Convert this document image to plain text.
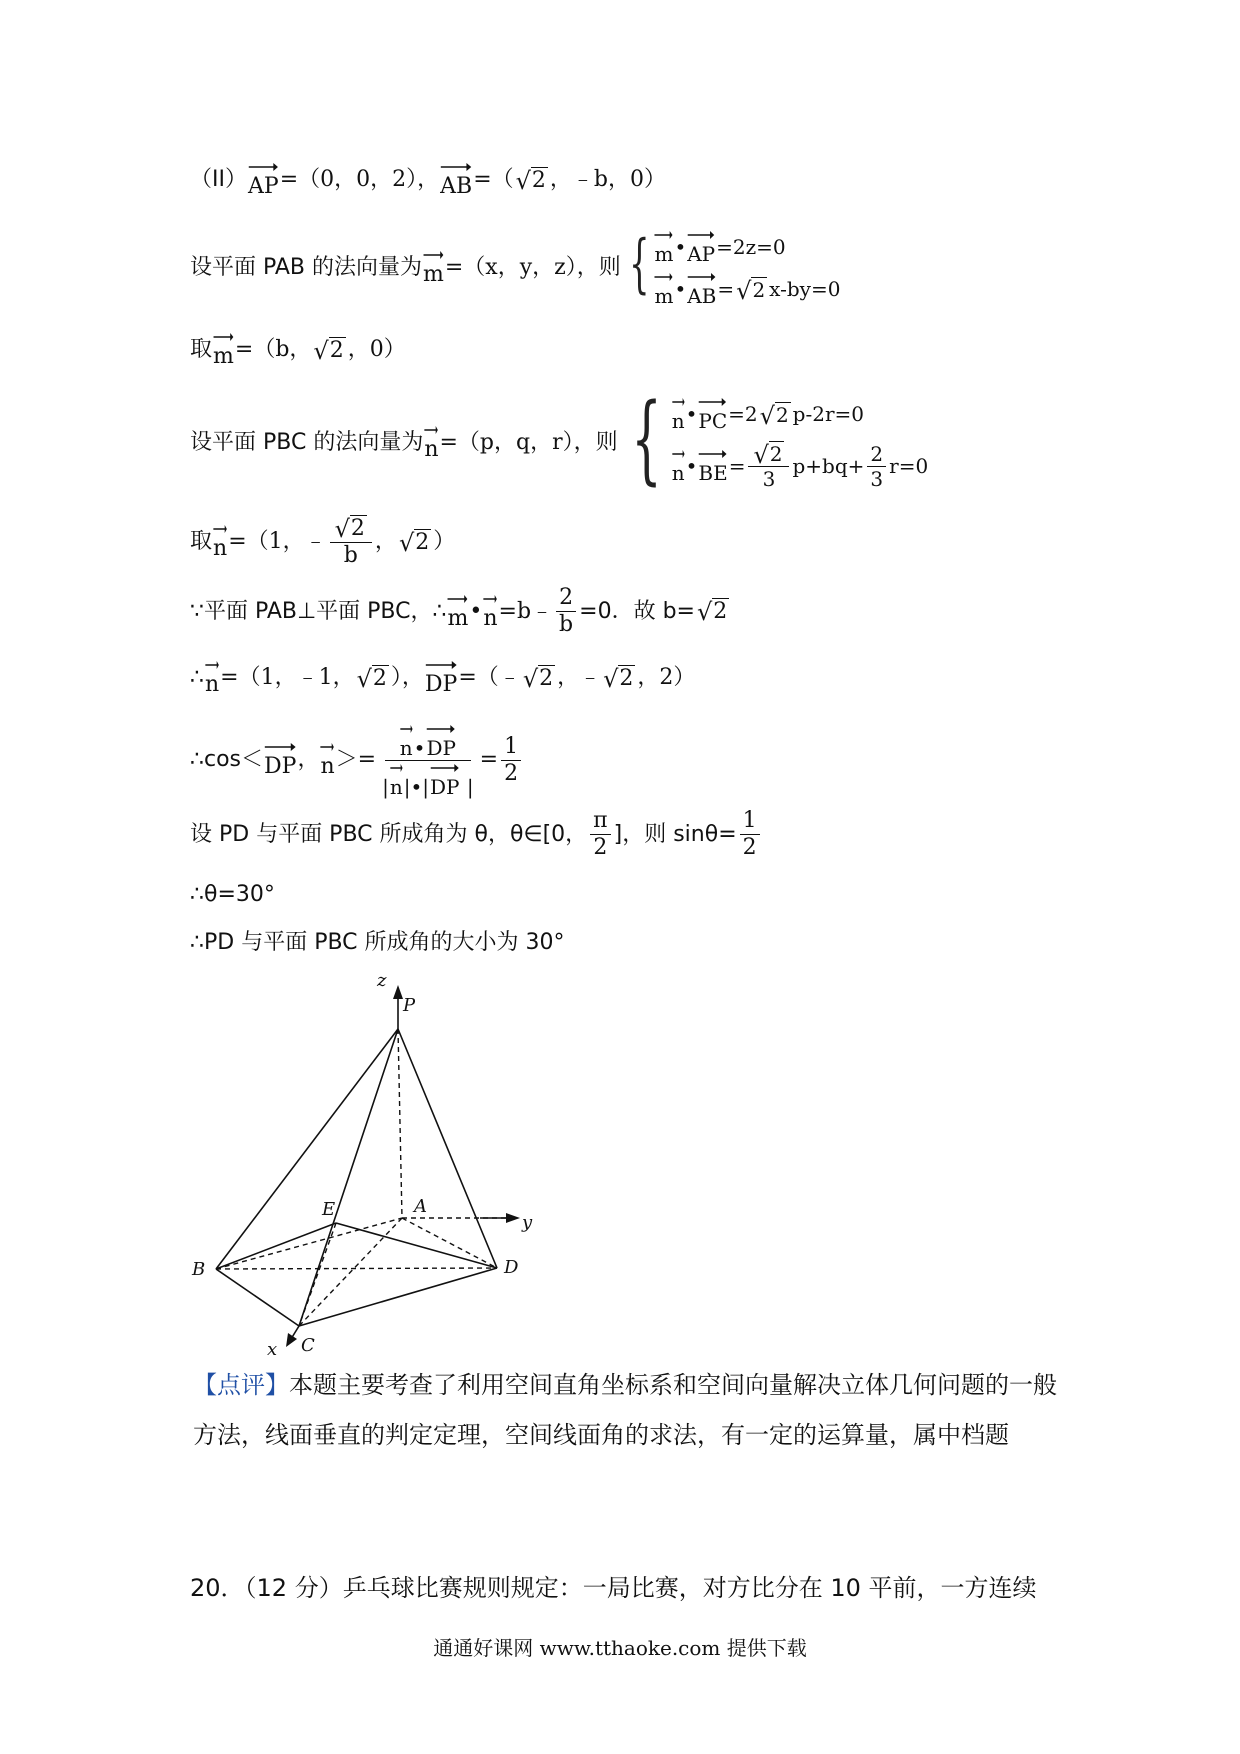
（II） AP =（0，0，2）， AB =（ √ 2 ，﹣b，0）
设平面 PAB 的法向量为 m =（x，y，z），则 { m • AP =2z=0
m • AB = √ 2 x-by=0
取 m =（b， √ 2 ，0）
设平面 PBC 的法向量为 n =（p，q，r），则 { n • PC =2 √ 2 p-2r=0
n • BE = $\frac{√ 2}{3} p+bq+ \frac{2}{3} r=0$
取 n =（1，﹣ $\frac{√ 2}{b}$ ， √ 2 ）
∵平面 PAB⊥平面 PBC，∴ m • n =b﹣ $\frac{2}{b} =0$．故 b= √ 2
∴ n =（1，﹣1， √ 2 ）， DP =（﹣ √ 2 ，﹣ √ 2 ，2）
∴cos＜ DP ， n ＞= n•
DP
|
n|•|
DP | = $\frac{1}{2}$
设 PD 与平面 PBC 所成角为 θ，θ∈[0， $\frac{\pi}{2}$ ]，则 $\sin\theta= \frac{1}{2}$
∴θ=30°
∴PD 与平面 PBC 所成角的大小为 30°
z
P
E	A
y
B	D
C
x
【点评】本题主要考查了利用空间直角坐标系和空间向量解决立体几何问题的一般方法，线面垂直的判定定理，空间线面角的求法，有一定的运算量，属中档题
20．（12 分）乒乓球比赛规则规定：一局比赛，对方比分在 10 平前，一方连续
通通好课网 www.tthaoke.com 提供下载
